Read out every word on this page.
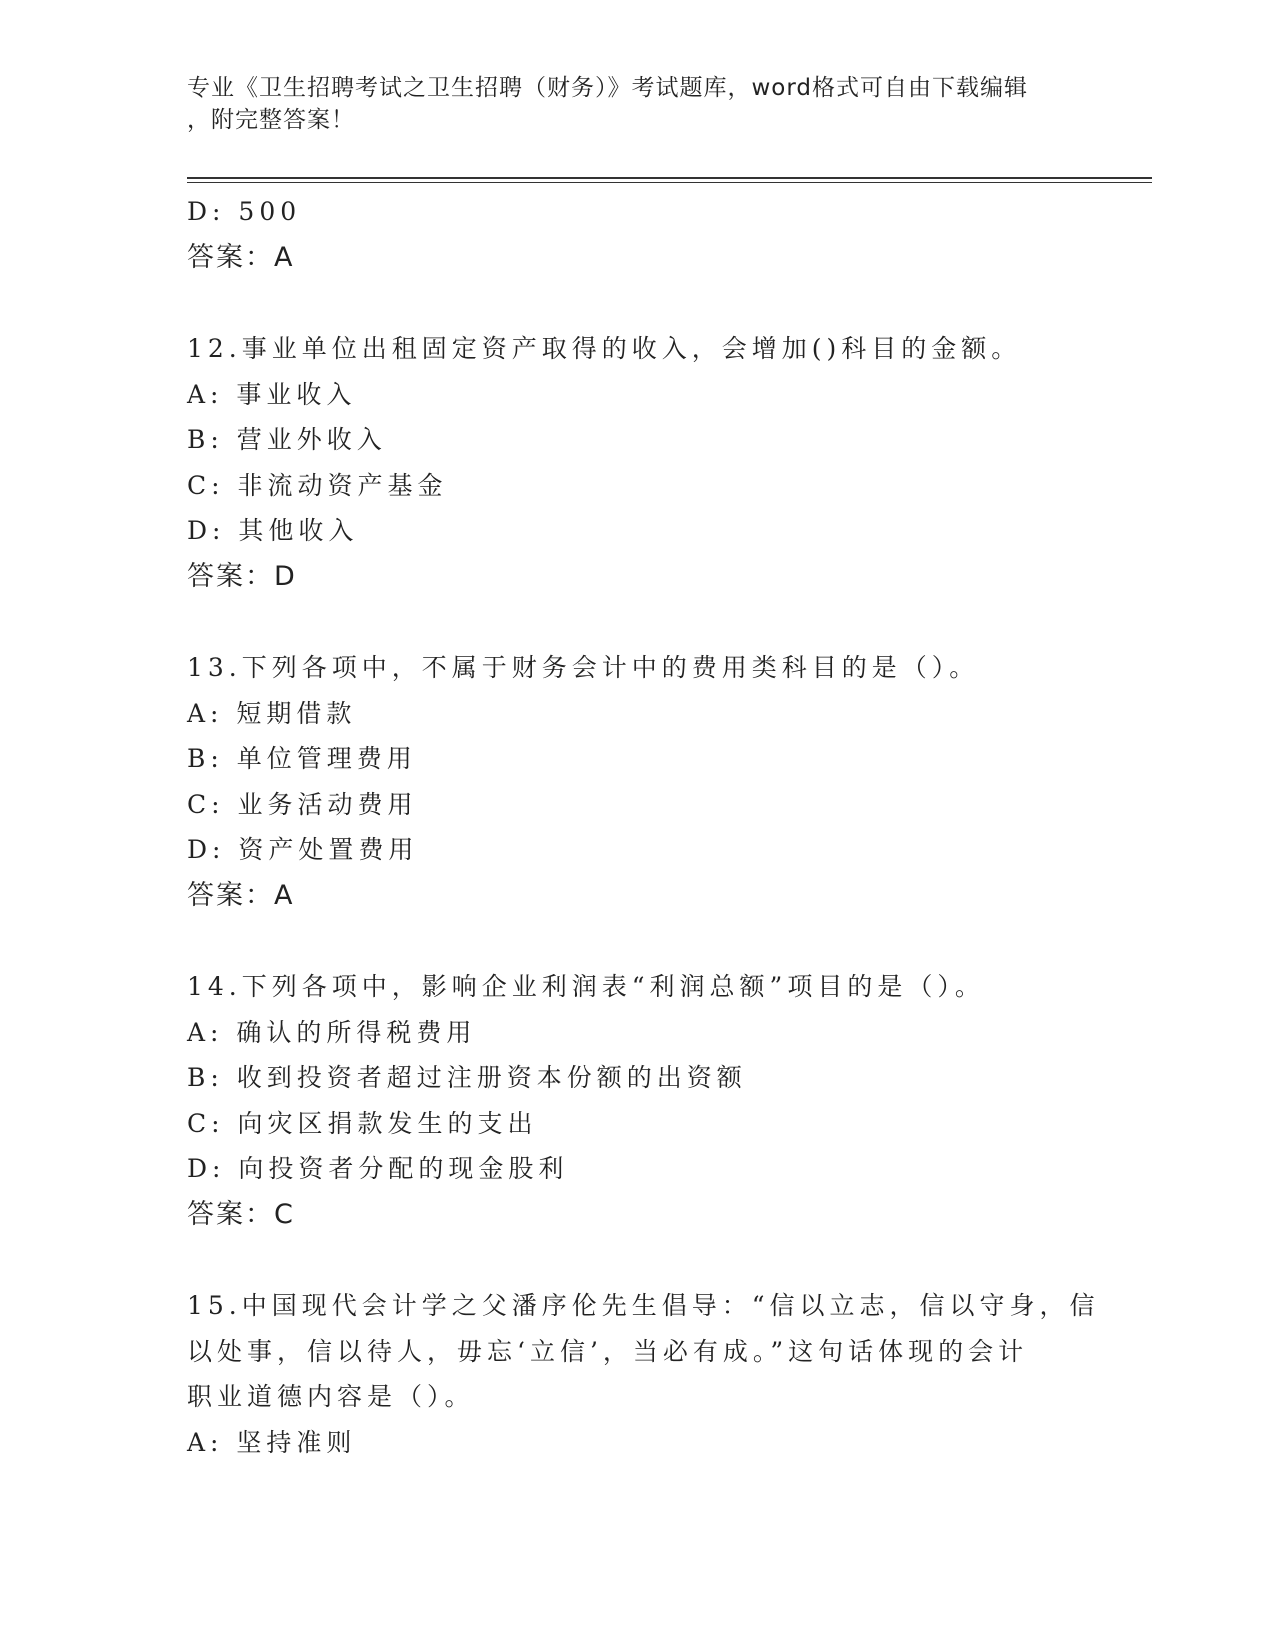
专业《卫生招聘考试之卫生招聘（财务）》考试题库，word格式可自由下载编辑
，附完整答案！
D: 500
答案：A
12.事业单位出租固定资产取得的收入，会增加()科目的金额。
A: 事业收入
B: 营业外收入
C: 非流动资产基金
D: 其他收入
答案：D
13.下列各项中，不属于财务会计中的费用类科目的是（）。
A: 短期借款
B: 单位管理费用
C: 业务活动费用
D: 资产处置费用
答案：A
14.下列各项中，影响企业利润表“利润总额”项目的是（）。
A: 确认的所得税费用
B: 收到投资者超过注册资本份额的出资额
C: 向灾区捐款发生的支出
D: 向投资者分配的现金股利
答案：C
15.中国现代会计学之父潘序伦先生倡导：“信以立志，信以守身，信
以处事，信以待人，毋忘‘立信’，当必有成。”这句话体现的会计
职业道德内容是（）。
A: 坚持准则
